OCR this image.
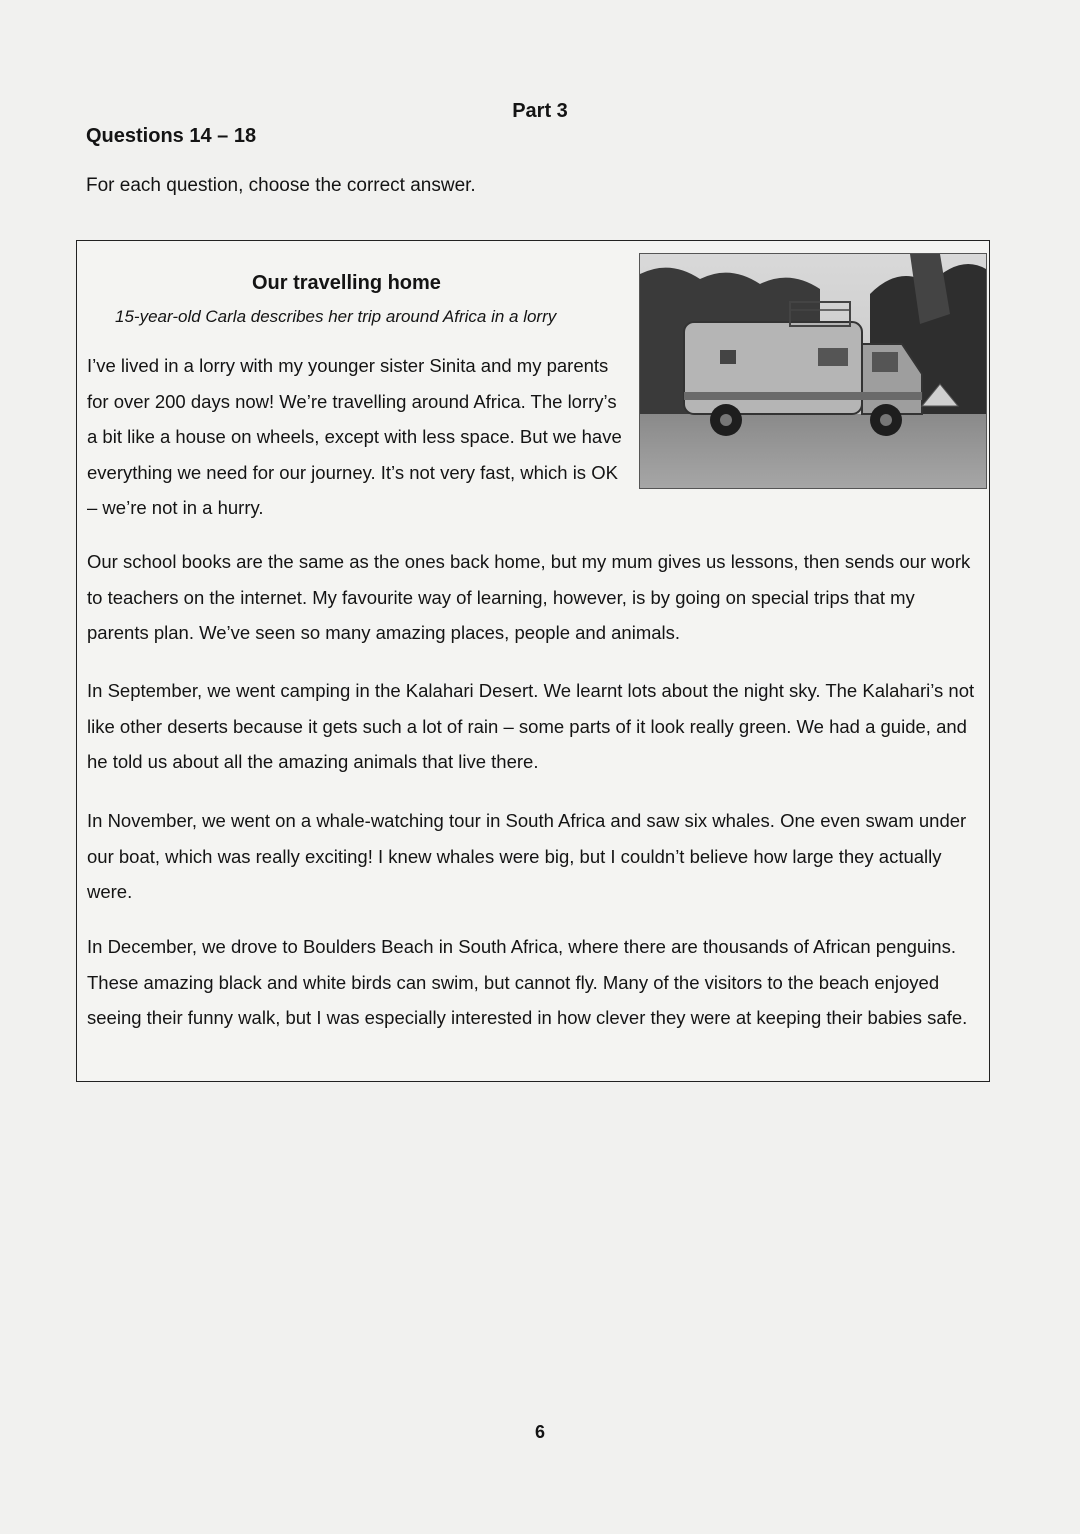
Part 3
Questions 14 – 18
For each question, choose the correct answer.
Our travelling home
15-year-old Carla describes her trip around Africa in a lorry

I’ve lived in a lorry with my younger sister Sinita and my parents for over 200 days now! We’re travelling around Africa. The lorry’s a bit like a house on wheels, except with less space. But we have everything we need for our journey. It’s not very fast, which is OK – we’re not in a hurry.

Our school books are the same as the ones back home, but my mum gives us lessons, then sends our work to teachers on the internet. My favourite way of learning, however, is by going on special trips that my parents plan. We’ve seen so many amazing places, people and animals.

In September, we went camping in the Kalahari Desert. We learnt lots about the night sky. The Kalahari’s not like other deserts because it gets such a lot of rain – some parts of it look really green. We had a guide, and he told us about all the amazing animals that live there.

In November, we went on a whale-watching tour in South Africa and saw six whales. One even swam under our boat, which was really exciting! I knew whales were big, but I couldn’t believe how large they actually were.

In December, we drove to Boulders Beach in South Africa, where there are thousands of African penguins. These amazing black and white birds can swim, but cannot fly. Many of the visitors to the beach enjoyed seeing their funny walk, but I was especially interested in how clever they were at keeping their babies safe.

6
